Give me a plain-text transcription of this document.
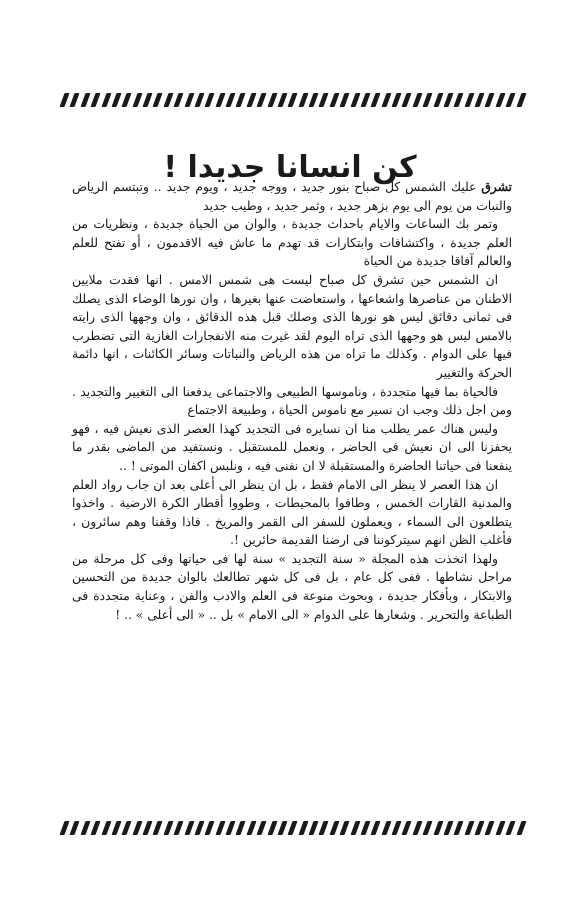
كن انسانا جديدا !

تشرق عليك الشمس كل صباح بنور جديد ، ووجه جديد ، ويوم جديد .. وتبتسم الرياض والنبات من يوم الى يوم بزهر جديد ، وثمر جديد ، وطيب جديد

وتمر بك الساعات والايام باحداث جديدة ، والوان من الحياة جديدة ، ونظريات من العلم جديدة ، واكتشافات وابتكارات قد تهدم ما عاش فيه الاقدمون ، أو تفتح للعلم والعالم آفاقا جديدة من الحياة

ان الشمس حين تشرق كل صباح ليست هى شمس الامس . انها فقدت ملايين الاطنان من عناصرها واشعاعها ، واستعاضت عنها بغيرها ، وان نورها الوضاء الذى يصلك فى ثمانى دقائق ليس هو نورها الذى وصلك قبل هذه الدقائق ، وان وجهها الذى رايته بالامس ليس هو وجهها الذى تراه اليوم لقد غيرت منه الانفجارات الغازية التى تضطرب فيها على الدوام . وكذلك ما تراه من هذه الرياض والنباتات وسائر الكائنات ، انها دائمة الحركة والتغيير

فالحياة بما فيها متجددة ، وناموسها الطبيعى والاجتماعى يدفعنا الى التغيير والتجديد . ومن اجل ذلك وجب ان نسير مع ناموس الحياة ، وطبيعة الاجتماع

وليس هناك عمر يطلب منا ان نسايره فى التجديد كهذا العصر الذى نعيش فيه ، فهو يحفزنا الى ان نعيش فى الحاضر ، ونعمل للمستقبل . ونستفيد من الماضى بقدر ما ينفعنا فى حياتنا الحاضرة والمستقبلة لا ان نفنى فيه ، ونلبس اكفان الموتى ! ..

ان هذا العصر لا ينظر الى الامام فقط ، بل ان ينظر الى أعلى بعد ان جاب رواد العلم والمدنية القارات الخمس ، وطافوا بالمحيطات ، وطووا أقطار الكرة الارضية . واخذوا يتطلعون الى السماء ، ويعملون للسفر الى القمر والمريخ . فاذا وقفنا وهم سائرون ، فأغلب الظن انهم سيتركوننا فى ارضنا القديمة حائرين !.

ولهذا اتخذت هذه المجلة « سنة التجديد » سنة لها فى حياتها وفى كل مرحلة من مراحل نشاطها . ففى كل عام ، بل فى كل شهر تطالعك بالوان جديدة من التحسين والابتكار ، وبأفكار جديدة ، وبحوث منوعة فى العلم والادب والفن ، وعناية متجددة فى الطباعة والتحرير . وشعارها على الدوام « الى الامام » بل .. « الى أعلى » .. !
